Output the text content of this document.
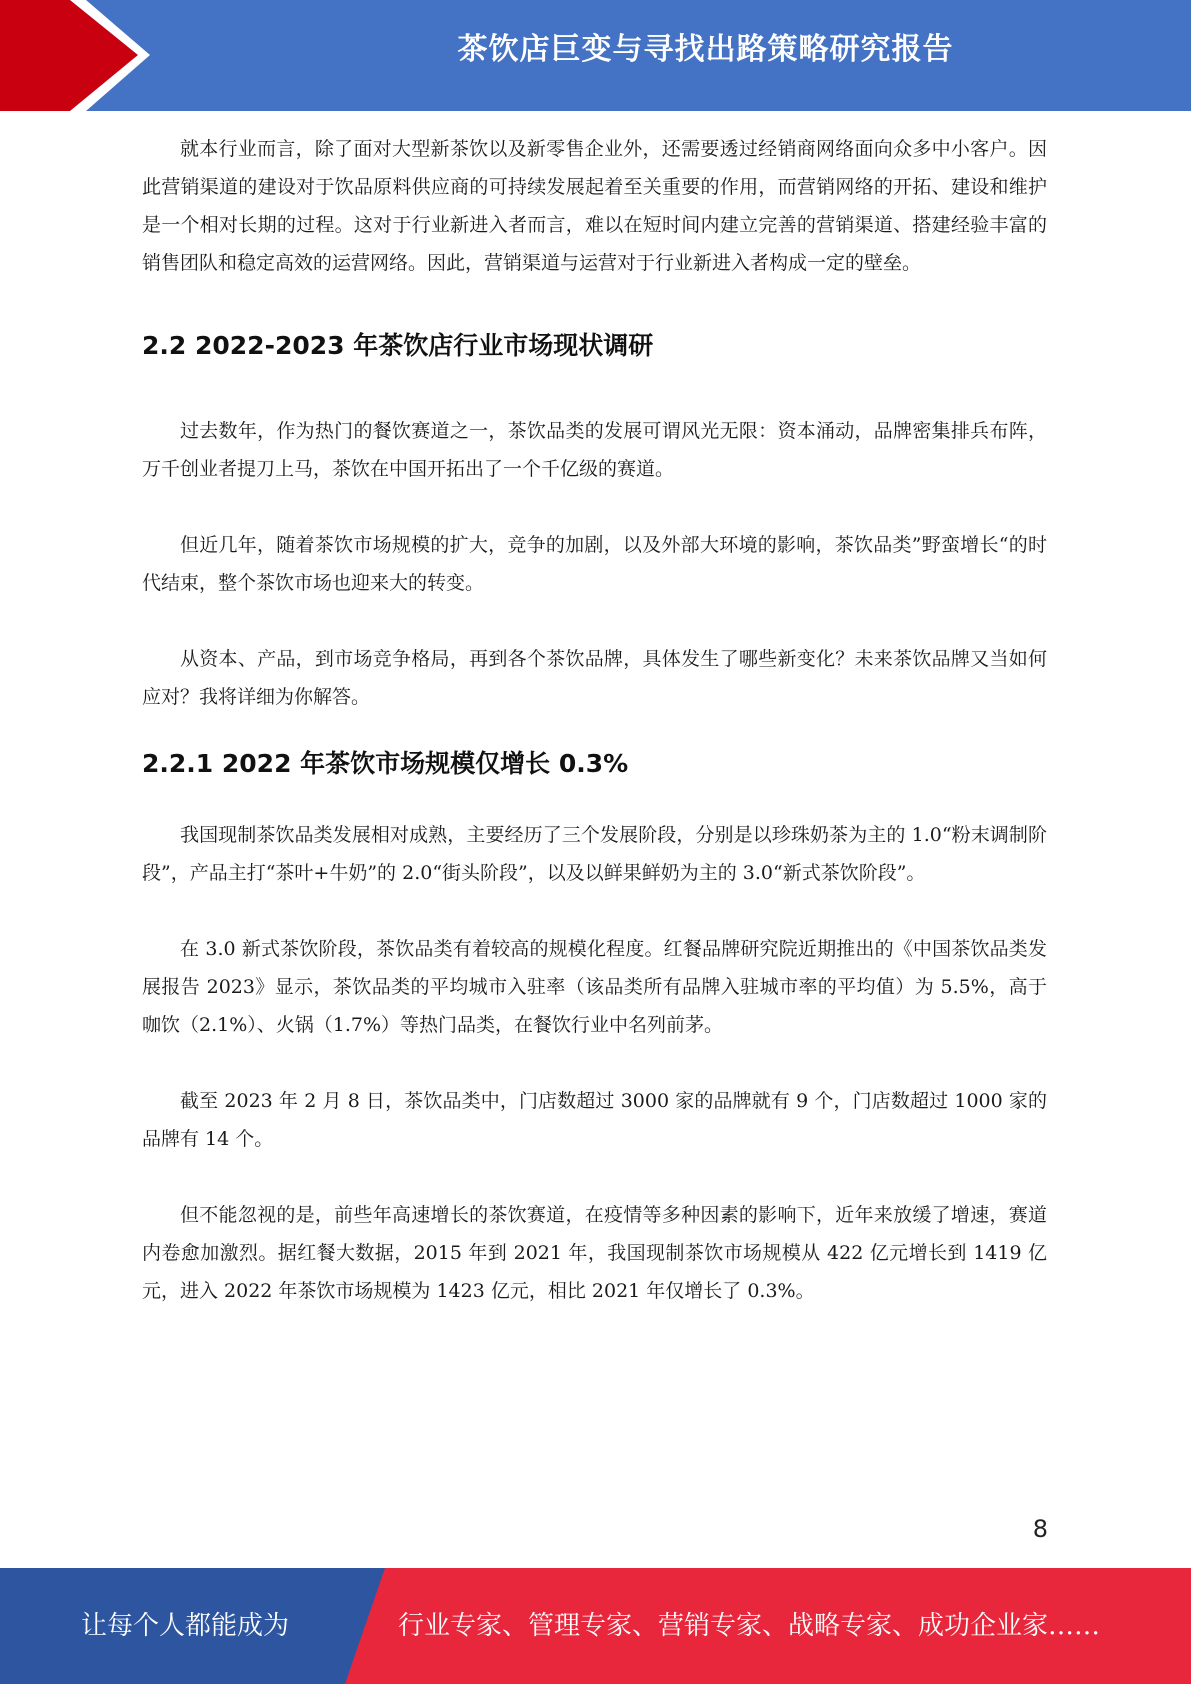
茶饮店巨变与寻找出路策略研究报告

就本行业而言，除了面对大型新茶饮以及新零售企业外，还需要透过经销商网络面向众多中小客户。因此营销渠道的建设对于饮品原料供应商的可持续发展起着至关重要的作用，而营销网络的开拓、建设和维护是一个相对长期的过程。这对于行业新进入者而言，难以在短时间内建立完善的营销渠道、搭建经验丰富的销售团队和稳定高效的运营网络。因此，营销渠道与运营对于行业新进入者构成一定的壁垒。

2.2 2022-2023 年茶饮店行业市场现状调研

过去数年，作为热门的餐饮赛道之一，茶饮品类的发展可谓风光无限：资本涌动，品牌密集排兵布阵，万千创业者提刀上马，茶饮在中国开拓出了一个千亿级的赛道。

但近几年，随着茶饮市场规模的扩大，竞争的加剧，以及外部大环境的影响，茶饮品类”野蛮增长“的时代结束，整个茶饮市场也迎来大的转变。

从资本、产品，到市场竞争格局，再到各个茶饮品牌，具体发生了哪些新变化？未来茶饮品牌又当如何应对？我将详细为你解答。

2.2.1 2022 年茶饮市场规模仅增长 0.3%

我国现制茶饮品类发展相对成熟，主要经历了三个发展阶段，分别是以珍珠奶茶为主的 1.0“粉末调制阶段”，产品主打“茶叶+牛奶”的 2.0“街头阶段”，以及以鲜果鲜奶为主的 3.0“新式茶饮阶段”。

在 3.0 新式茶饮阶段，茶饮品类有着较高的规模化程度。红餐品牌研究院近期推出的《中国茶饮品类发展报告 2023》显示，茶饮品类的平均城市入驻率（该品类所有品牌入驻城市率的平均值）为 5.5%，高于咖饮（2.1%）、火锅（1.7%）等热门品类，在餐饮行业中名列前茅。

截至 2023 年 2 月 8 日，茶饮品类中，门店数超过 3000 家的品牌就有 9 个，门店数超过 1000 家的品牌有 14 个。

但不能忽视的是，前些年高速增长的茶饮赛道，在疫情等多种因素的影响下，近年来放缓了增速，赛道内卷愈加激烈。据红餐大数据，2015 年到 2021 年，我国现制茶饮市场规模从 422 亿元增长到 1419 亿元，进入 2022 年茶饮市场规模为 1423 亿元，相比 2021 年仅增长了 0.3%。

8
让每个人都能成为	行业专家、管理专家、营销专家、战略专家、成功企业家……
